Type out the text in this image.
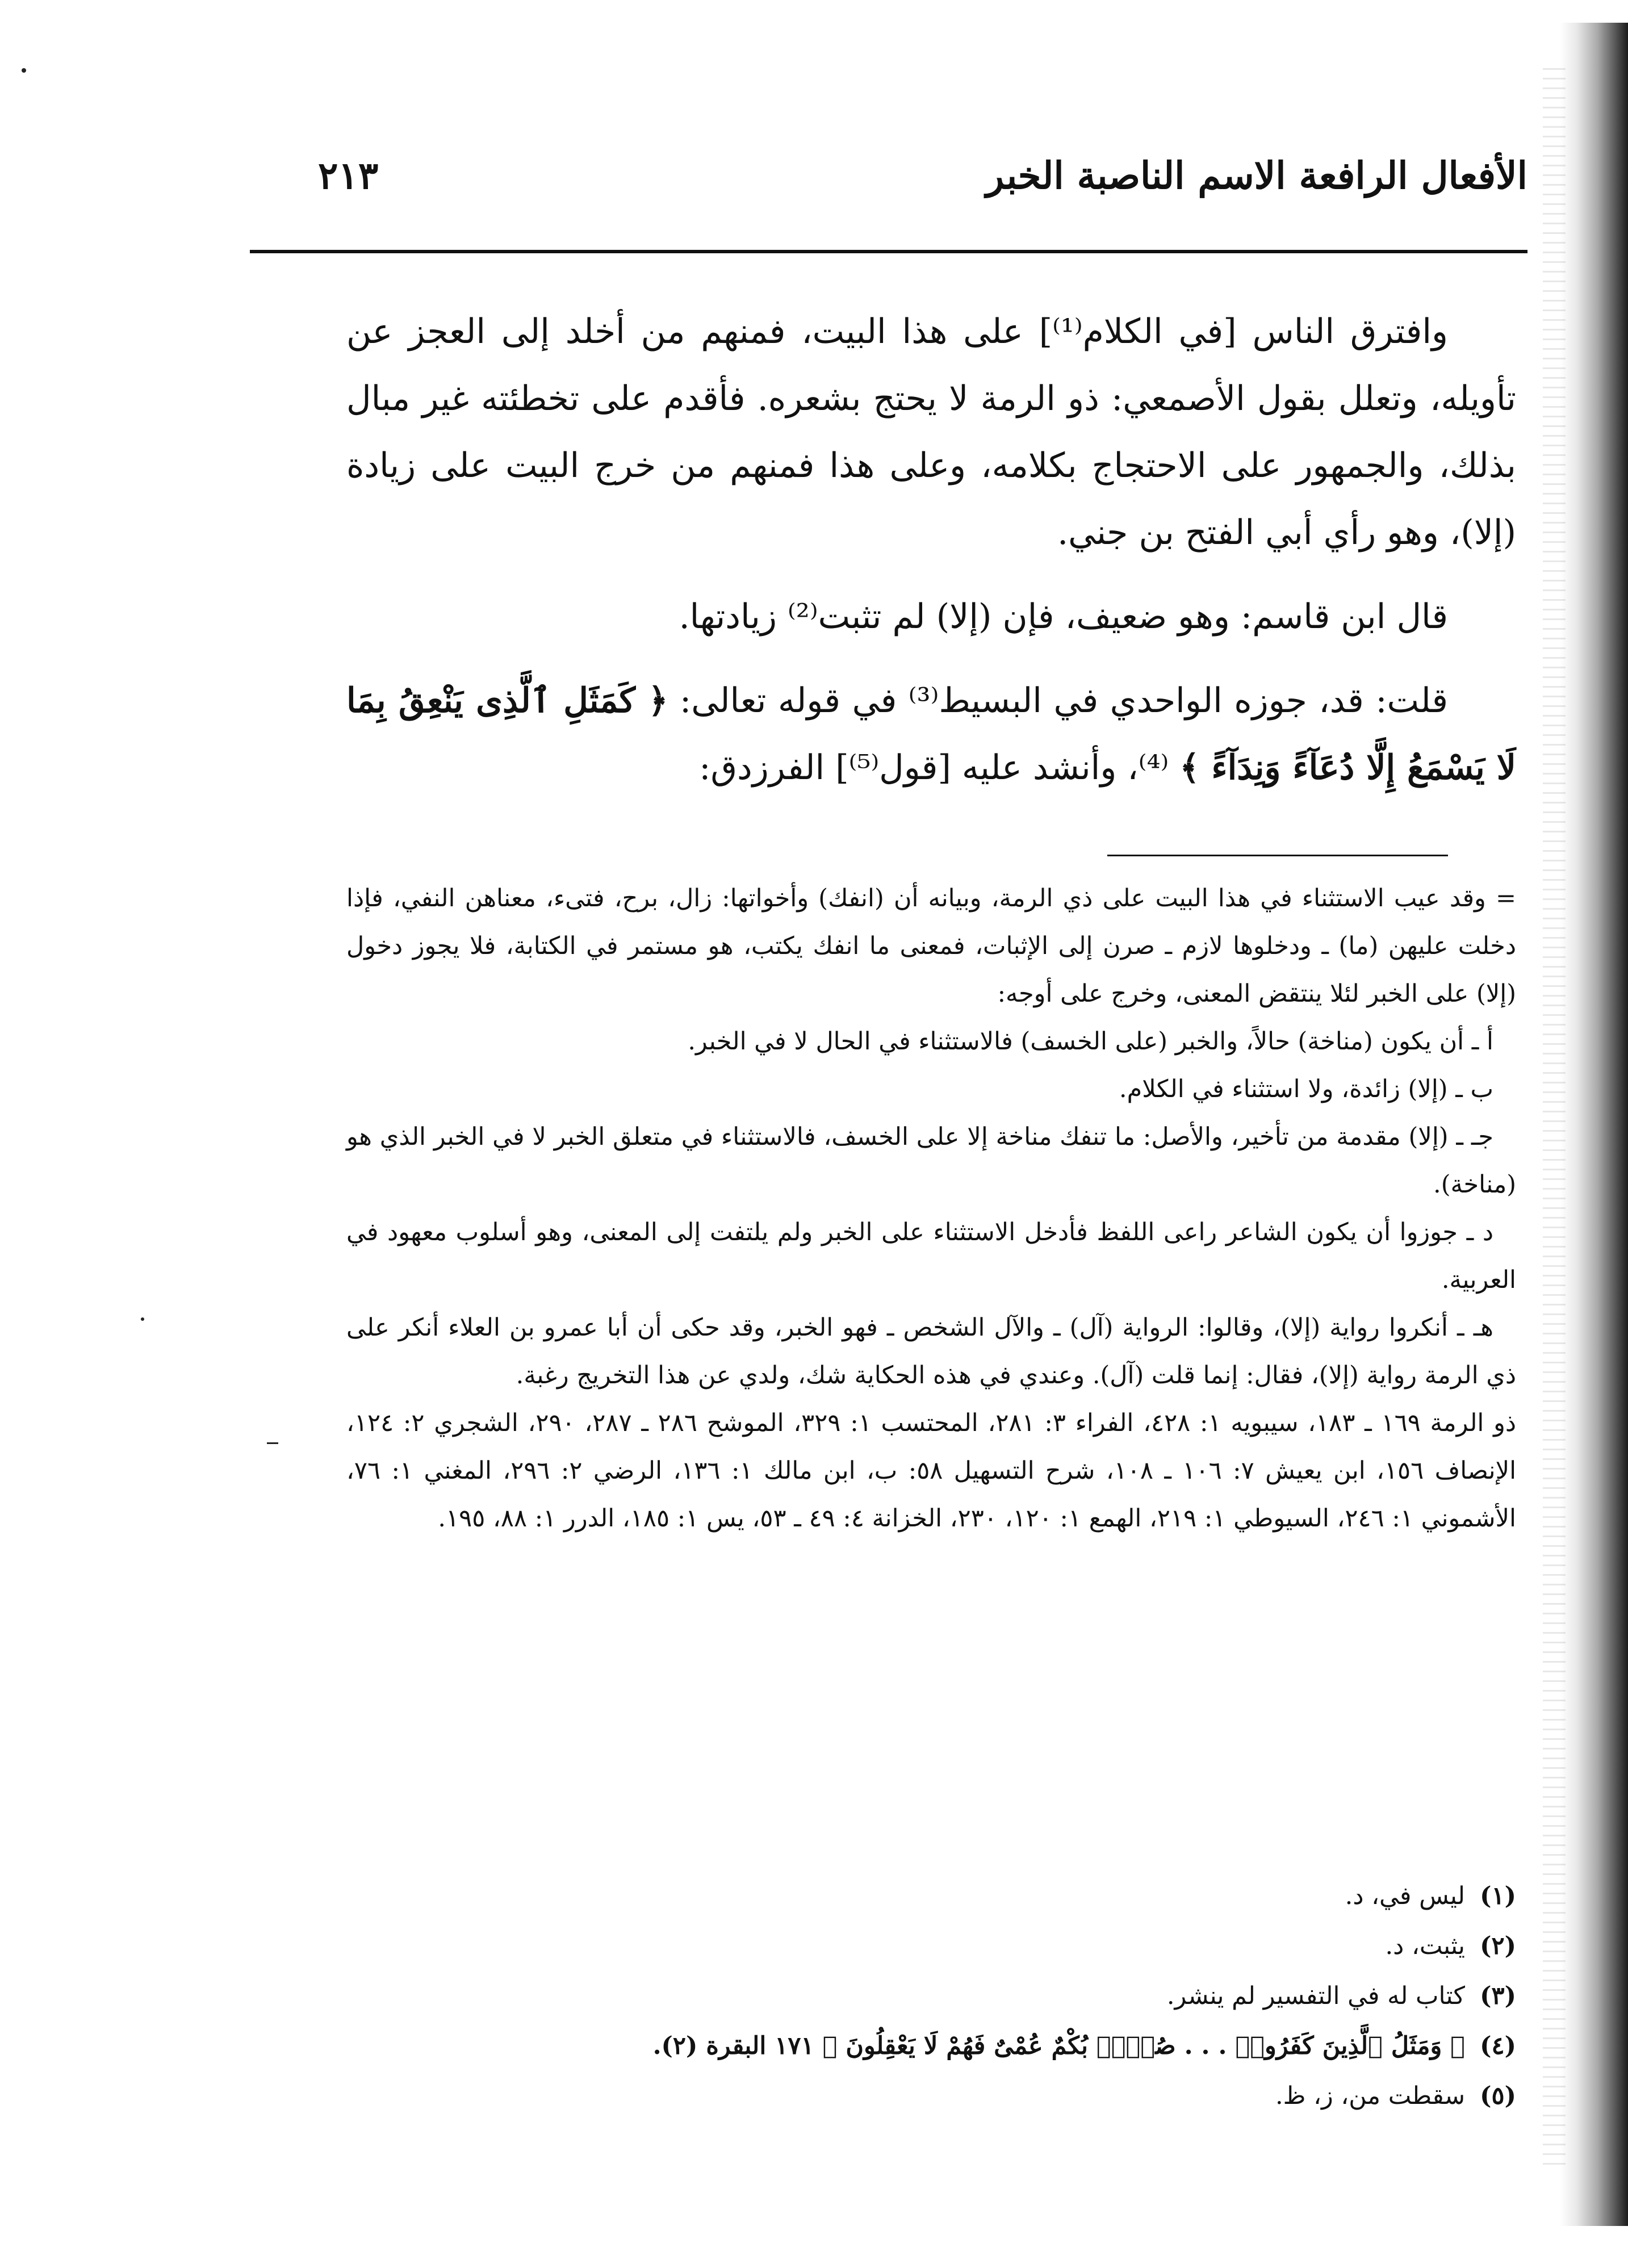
الأفعال الرافعة الاسم الناصبة الخبر
٢١٣

وافترق الناس [في الكلام⁽¹⁾] على هذا البيت، فمنهم من أخلد إلى العجز عن تأويله، وتعلل بقول الأصمعي: ذو الرمة لا يحتج بشعره. فأقدم على تخطئته غير مبال بذلك، والجمهور على الاحتجاج بكلامه، وعلى هذا فمنهم من خرج البيت على زيادة (إلا)، وهو رأي أبي الفتح بن جني.

قال ابن قاسم: وهو ضعيف، فإن (إلا) لم تثبت⁽²⁾ زيادتها.

قلت: قد، جوزه الواحدي في البسيط⁽³⁾ في قوله تعالى: ﴿ كَمَثَلِ ٱلَّذِى يَنْعِقُ بِمَا لَا يَسْمَعُ إِلَّا دُعَآءً وَنِدَآءً ﴾ ⁽⁴⁾، وأنشد عليه [قول⁽⁵⁾] الفرزدق:

= وقد عيب الاستثناء في هذا البيت على ذي الرمة، وبيانه أن (انفك) وأخواتها: زال، برح، فتىء، معناهن النفي، فإذا دخلت عليهن (ما) ـ ودخلوها لازم ـ صرن إلى الإثبات، فمعنى ما انفك يكتب، هو مستمر في الكتابة، فلا يجوز دخول (إلا) على الخبر لئلا ينتقض المعنى، وخرج على أوجه:

أ ـ أن يكون (مناخة) حالاً، والخبر (على الخسف) فالاستثناء في الحال لا في الخبر.

ب ـ (إلا) زائدة، ولا استثناء في الكلام.

جـ ـ (إلا) مقدمة من تأخير، والأصل: ما تنفك مناخة إلا على الخسف، فالاستثناء في متعلق الخبر لا في الخبر الذي هو (مناخة).

د ـ جوزوا أن يكون الشاعر راعى اللفظ فأدخل الاستثناء على الخبر ولم يلتفت إلى المعنى، وهو أسلوب معهود في العربية.

هـ ـ أنكروا رواية (إلا)، وقالوا: الرواية (آل) ـ والآل الشخص ـ فهو الخبر، وقد حكى أن أبا عمرو بن العلاء أنكر على ذي الرمة رواية (إلا)، فقال: إنما قلت (آل). وعندي في هذه الحكاية شك، ولدي عن هذا التخريج رغبة.

ذو الرمة ١٦٩ ـ ١٨٣، سيبويه ١: ٤٢٨، الفراء ٣: ٢٨١، المحتسب ١: ٣٢٩، الموشح ٢٨٦ ـ ٢٨٧، ٢٩٠، الشجري ٢: ١٢٤، الإنصاف ١٥٦، ابن يعيش ٧: ١٠٦ ـ ١٠٨، شرح التسهيل ٥٨: ب، ابن مالك ١: ١٣٦، الرضي ٢: ٢٩٦، المغني ١: ٧٦، الأشموني ١: ٢٤٦، السيوطي ١: ٢١٩، الهمع ١: ١٢٠، ٢٣٠، الخزانة ٤: ٤٩ ـ ٥٣، يس ١: ١٨٥، الدرر ١: ٨٨، ١٩٥.

(١)ليس في، د.

(٢)يثبت، د.

(٣)كتاب له في التفسير لم ينشر.

(٤)﴿ وَمَثَلُ ٱلَّذِينَ كَفَرُوا۟ . . . صُمٌّۢ بُكْمٌ عُمْىٌ فَهُمْ لَا يَعْقِلُونَ ﴾ ١٧١ البقرة (٢).

(٥)سقطت من، ز، ظ.
